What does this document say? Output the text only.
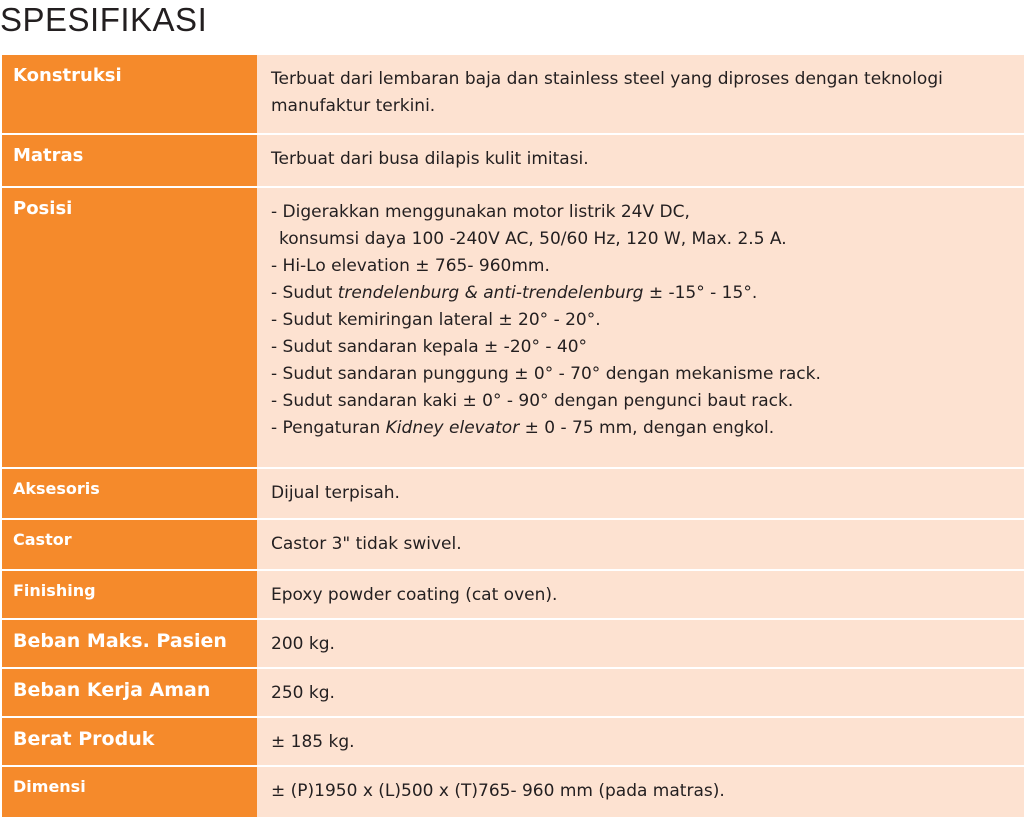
SPESIFIKASI
Konstruksi	Terbuat dari lembaran baja dan stainless steel yang diproses dengan teknologi
manufaktur terkini.
Matras	Terbuat dari busa dilapis kulit imitasi.
Posisi	- Digerakkan menggunakan motor listrik 24V DC,
konsumsi daya 100 -240V AC, 50/60 Hz, 120 W, Max. 2.5 A.
- Hi-Lo elevation ± 765- 960mm.
- Sudut trendelenburg & anti-trendelenburg ± -15° - 15°.
- Sudut kemiringan lateral ± 20° - 20°.
- Sudut sandaran kepala ± -20° - 40°
- Sudut sandaran punggung ± 0° - 70° dengan mekanisme rack.
- Sudut sandaran kaki ± 0° - 90° dengan pengunci baut rack.
- Pengaturan Kidney elevator ± 0 - 75 mm, dengan engkol.
Aksesoris	Dijual terpisah.
Castor	Castor 3" tidak swivel.
Finishing	Epoxy powder coating (cat oven).
Beban Maks. Pasien	200 kg.
Beban Kerja Aman	250 kg.
Berat Produk	± 185 kg.
Dimensi	± (P)1950 x (L)500 x (T)765- 960 mm (pada matras).
